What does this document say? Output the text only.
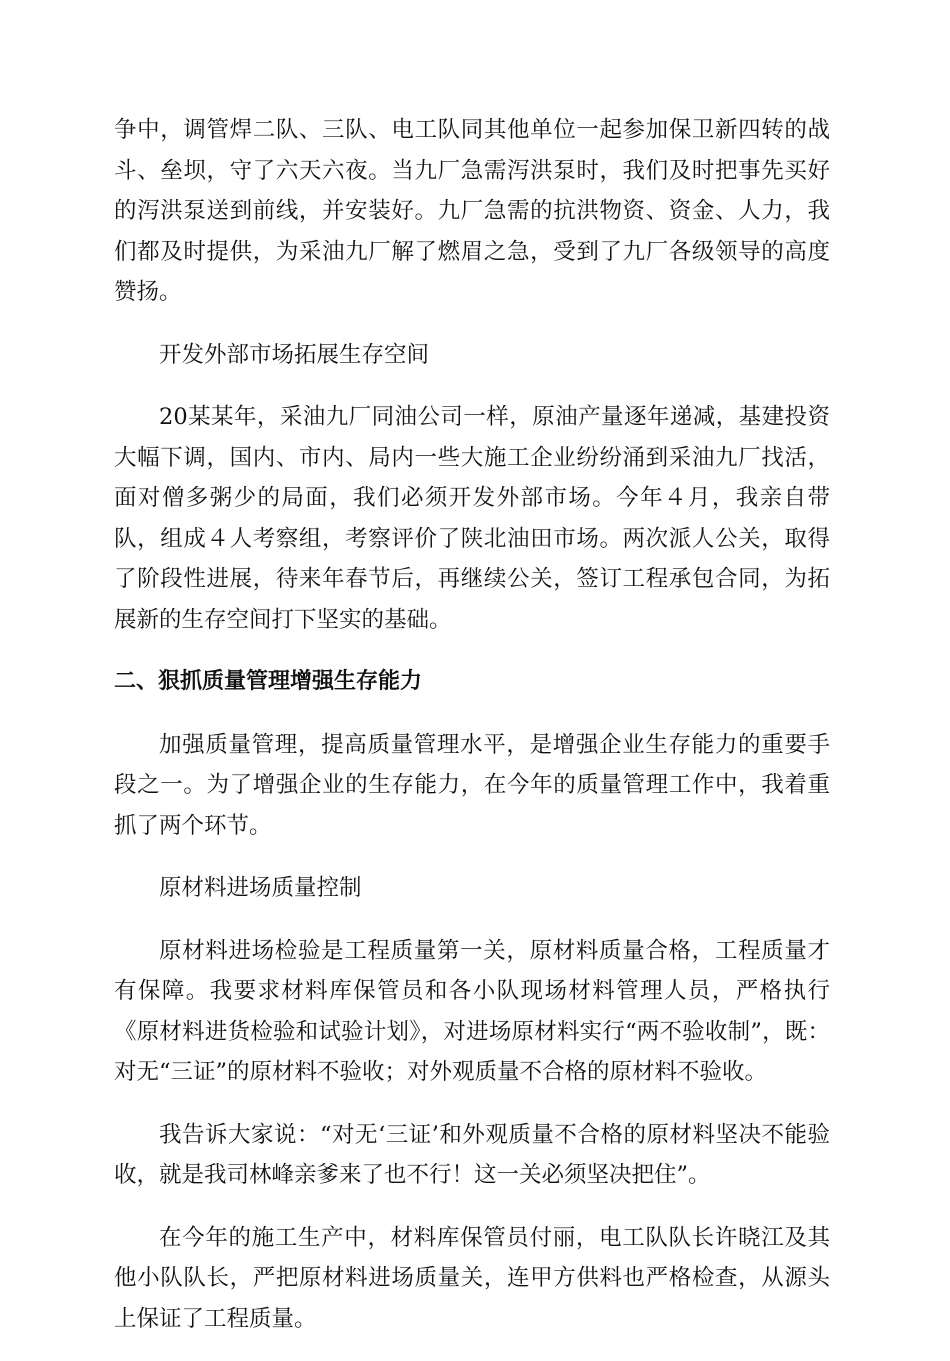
争中，调管焊二队、三队、电工队同其他单位一起参加保卫新四转的战斗、垒坝，守了六天六夜。当九厂急需泻洪泵时，我们及时把事先买好的泻洪泵送到前线，并安装好。九厂急需的抗洪物资、资金、人力，我们都及时提供，为采油九厂解了燃眉之急，受到了九厂各级领导的高度赞扬。

开发外部市场拓展生存空间

20某某年，采油九厂同油公司一样，原油产量逐年递减，基建投资大幅下调，国内、市内、局内一些大施工企业纷纷涌到采油九厂找活，面对僧多粥少的局面，我们必须开发外部市场。今年４月，我亲自带队，组成４人考察组，考察评价了陕北油田市场。两次派人公关，取得了阶段性进展，待来年春节后，再继续公关，签订工程承包合同，为拓展新的生存空间打下坚实的基础。

二、狠抓质量管理增强生存能力

加强质量管理，提高质量管理水平，是增强企业生存能力的重要手段之一。为了增强企业的生存能力，在今年的质量管理工作中，我着重抓了两个环节。

原材料进场质量控制

原材料进场检验是工程质量第一关，原材料质量合格，工程质量才有保障。我要求材料库保管员和各小队现场材料管理人员，严格执行《原材料进货检验和试验计划》，对进场原材料实行“两不验收制”，既：对无“三证”的原材料不验收；对外观质量不合格的原材料不验收。

我告诉大家说：“对无‘三证’和外观质量不合格的原材料坚决不能验收，就是我司林峰亲爹来了也不行！这一关必须坚决把住”。

在今年的施工生产中，材料库保管员付丽，电工队队长许晓江及其他小队队长，严把原材料进场质量关，连甲方供料也严格检查，从源头上保证了工程质量。
